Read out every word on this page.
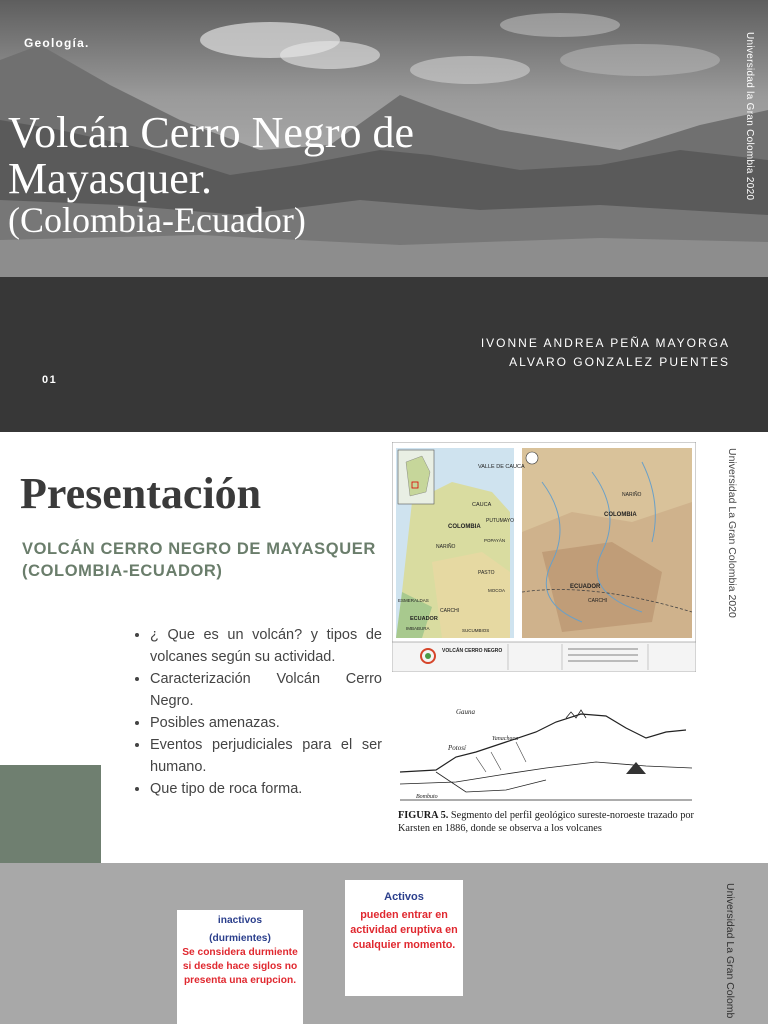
Geología.
Volcán Cerro Negro de Mayasquer.
(Colombia-Ecuador)
Universidad la Gran Colombia 2020
IVONNE ANDREA PEÑA MAYORGA
ALVARO GONZALEZ PUENTES
01
Presentación
VOLCÁN CERRO NEGRO DE MAYASQUER (COLOMBIA-ECUADOR)
• ¿ Que es un volcán? y tipos de volcanes según su actividad.
• Caracterización Volcán Cerro Negro.
• Posibles amenazas.
• Eventos perjudiciales para el ser humano.
• Que tipo de roca forma.
Universidad La Gran Colombia 2020
VALLE DE CAUCA
CAUCA
PUTUMAYO
COLOMBIA
NARIÑO
PASTO
ECUADOR
CARCHI
SUCUMBIOS
ESMERALDAS
IMBABURA
MOCOA
POPAYÁN
NARIÑO
COLOMBIA
ECUADOR
CARCHI
VOLCÁN CERRO NEGRO
Gauna
Potosí
Yanachaca
Bombuto
FIGURA 5. Segmento del perfil geológico sureste-noroeste trazado por Karsten en 1886, donde se observa a los volcanes
inactivos
(durmientes)
Se considera durmiente si desde hace siglos no presenta una erupcion.
Activos
pueden entrar en actividad eruptiva en cualquier momento.	Universidad La Gran Colomb
